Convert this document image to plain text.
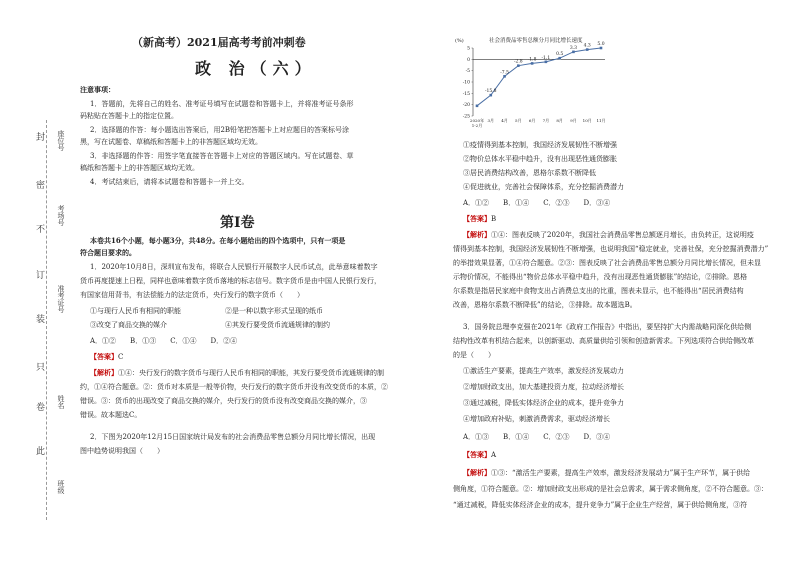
封
密
不
订
装
只
卷
此
座位号
考场号
准考证号
姓名
班级
（新高考）2021届高考考前冲刺卷
政 治（六）
注意事项：
1．答题前，先将自己的姓名、准考证号填写在试题卷和答题卡上，并将准考证号条形
码粘贴在答题卡上的指定位置。
2．选择题的作答：每小题选出答案后，用2B铅笔把答题卡上对应题目的答案标号涂
黑，写在试题卷、草稿纸和答题卡上的非答题区域均无效。
3．非选择题的作答：用签字笔直接答在答题卡上对应的答题区域内。写在试题卷、草
稿纸和答题卡上的非答题区域均无效。
4．考试结束后，请将本试题卷和答题卡一并上交。
第Ⅰ卷
本卷共16个小题，每小题3分，共48分。在每小题给出的四个选项中，只有一项是
符合题目要求的。
1．2020年10月8日，深圳宣布发布，将联合人民银行开展数字人民币试点，此举意味着数字
货币再度提速上日程，同样也意味着数字货币落地的标志信号。数字货币是由中国人民银行发行，
有国家信用背书，有法偿能力的法定货币，央行发行的数字货币（　　）
①与现行人民币有相同的职能	②是一种以数字形式呈现的纸币
③改变了商品交换的媒介	④其发行要受货币流通规律的制约
A．①②　　B．①③　　C．①④　　D．②④
【答案】C
【解析】①④：央行发行的数字货币与现行人民币有相同的职能，其发行要受货币流通规律的制
约，①④符合题意。②：货币对本质是一般等价物，央行发行的数字货币并没有改变货币的本质，②
错误。③：货币的出现改变了商品交换的媒介，央行发行的货币没有改变商品交换的媒介，③
错误。故本题选C。
2．下图为2020年12月15日国家统计局发布的社会消费品零售总额分月同比增长情况，出现
图中趋势说明我国（　　）
社会消费品零售总额分月同比增长速度
(%)
5
0
-5
-10
-15
-20
-25
2020年
1-2月
3月 4月 5月 6月 7月 8月 9月 10月 11月
-15.8
-7.5
-2.8 -1.8 -1.1
0.5
3.3 4.3 5.0
①疫情得到基本控制，我国经济发展韧性不断增强
②物价总体水平稳中趋升，没有出现恶性通货膨胀
③居民消费结构改善，恩格尔系数不断降低
④促进就业，完善社会保障体系，充分挖掘消费潜力
A．①②　　B．①④　　C．②③　　D．③④
【答案】B
【解析】①④：图表反映了2020年，我国社会消费品零售总额逐月增长，由负转正，这说明疫
情得到基本控制，我国经济发展韧性不断增强，也说明我国“稳定就业，完善社保，充分挖掘消费潜力”
的举措效果显著，①④符合题意。②③：图表反映了社会消费品零售总额分月同比增长情况，但未显
示物价情况，不能得出“物价总体水平稳中趋升，没有出现恶性通货膨胀”的结论，②排除。恩格
尔系数是指居民家庭中食物支出占消费总支出的比重，图表未显示，也不能得出“居民消费结构
改善，恩格尔系数不断降低”的结论，③排除。故本题选B。
3．国务院总理李克强在2021年《政府工作报告》中指出，要坚持扩大内需战略同深化供给侧
结构性改革有机结合起来，以创新驱动、高质量供给引领和创造新需求。下列选项符合供给侧改革
的是（　　）
①激活生产要素，提高生产效率，激发经济发展动力
②增加财政支出，加大基建投资力度，拉动经济增长
③通过减税，降低实体经济企业的成本，提升竞争力
④增加政府补贴，刺激消费需求，驱动经济增长
A．①③　　B．①④　　C．②③　　D．③④
【答案】A
【解析】①③：“激活生产要素，提高生产效率，激发经济发展动力”属于生产环节，属于供给
侧角度，①符合题意。②：增加财政支出形成的是社会总需求，属于需求侧角度，②不符合题意。③：
“通过减税，降低实体经济企业的成本，提升竞争力”属于企业生产经营，属于供给侧角度，③符
